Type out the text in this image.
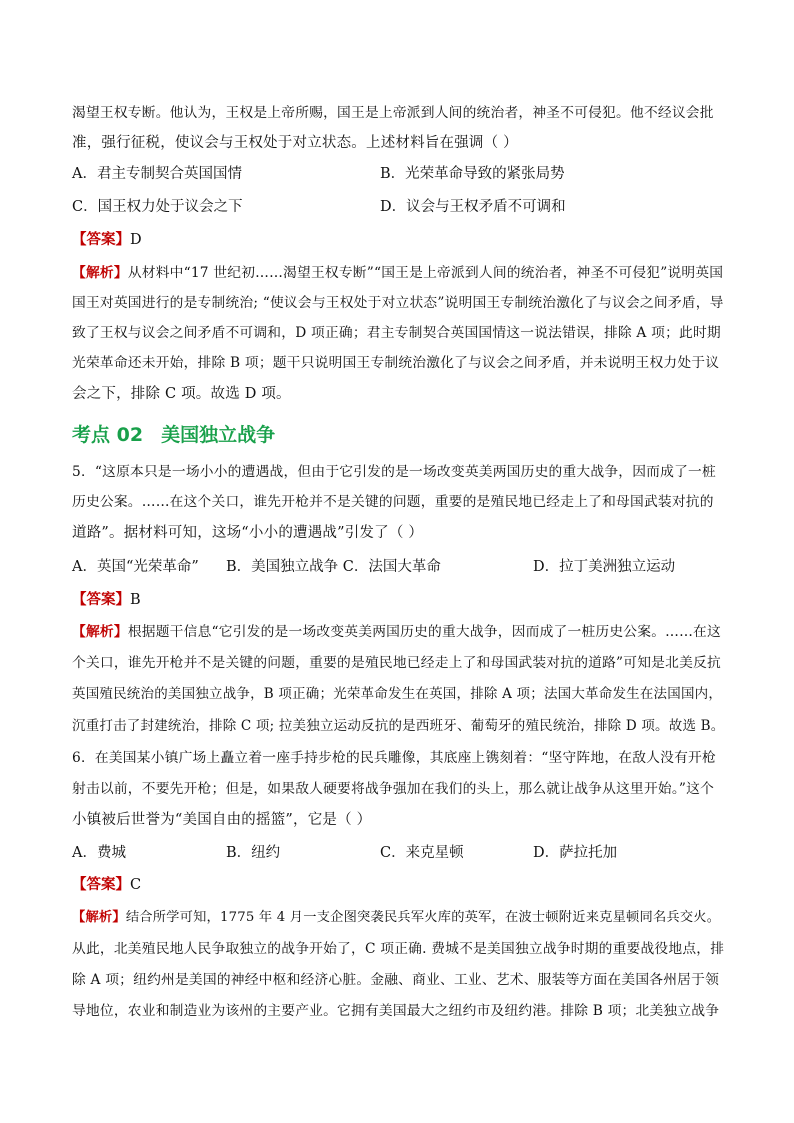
渴望王权专断。他认为，王权是上帝所赐，国王是上帝派到人间的统治者，神圣不可侵犯。他不经议会批
准，强行征税，使议会与王权处于对立状态。上述材料旨在强调（ ）
A．君主专制契合英国国情	B．光荣革命导致的紧张局势
C．国王权力处于议会之下	D．议会与王权矛盾不可调和
【答案】D
【解析】从材料中“17 世纪初……渴望王权专断”“国王是上帝派到人间的统治者，神圣不可侵犯”说明英国
国王对英国进行的是专制统治; “使议会与王权处于对立状态”说明国王专制统治激化了与议会之间矛盾，导
致了王权与议会之间矛盾不可调和，D 项正确；君主专制契合英国国情这一说法错误，排除 A 项；此时期
光荣革命还未开始，排除 B 项；题干只说明国王专制统治激化了与议会之间矛盾，并未说明王权力处于议
会之下，排除 C 项。故选 D 项。
考点 02 美国独立战争
5．“这原本只是一场小小的遭遇战，但由于它引发的是一场改变英美两国历史的重大战争，因而成了一桩
历史公案。……在这个关口，谁先开枪并不是关键的问题，重要的是殖民地已经走上了和母国武装对抗的
道路”。据材料可知，这场“小小的遭遇战”引发了（ ）
A．英国“光荣革命” B．美国独立战争 C．法国大革命	D．拉丁美洲独立运动
【答案】B
【解析】根据题干信息“它引发的是一场改变英美两国历史的重大战争，因而成了一桩历史公案。……在这
个关口，谁先开枪并不是关键的问题，重要的是殖民地已经走上了和母国武装对抗的道路”可知是北美反抗
英国殖民统治的美国独立战争，B 项正确；光荣革命发生在英国，排除 A 项；法国大革命发生在法国国内，
沉重打击了封建统治，排除 C 项; 拉美独立运动反抗的是西班牙、葡萄牙的殖民统治，排除 D 项。故选 B。
6．在美国某小镇广场上矗立着一座手持步枪的民兵雕像，其底座上镌刻着：“坚守阵地，在敌人没有开枪
射击以前，不要先开枪；但是，如果敌人硬要将战争强加在我们的头上，那么就让战争从这里开始。”这个
小镇被后世誉为“美国自由的摇篮”，它是（ ）
A．费城	B．纽约	C．来克星顿	D．萨拉托加
【答案】C
【解析】结合所学可知，1775 年 4 月一支企图突袭民兵军火库的英军，在波士顿附近来克星顿同名兵交火。
从此，北美殖民地人民争取独立的战争开始了，C 项正确. 费城不是美国独立战争时期的重要战役地点，排
除 A 项；纽约州是美国的神经中枢和经济心脏。金融、商业、工业、艺术、服装等方面在美国各州居于领
导地位，农业和制造业为该州的主要产业。它拥有美国最大之纽约市及纽约港。排除 B 项；北美独立战争
